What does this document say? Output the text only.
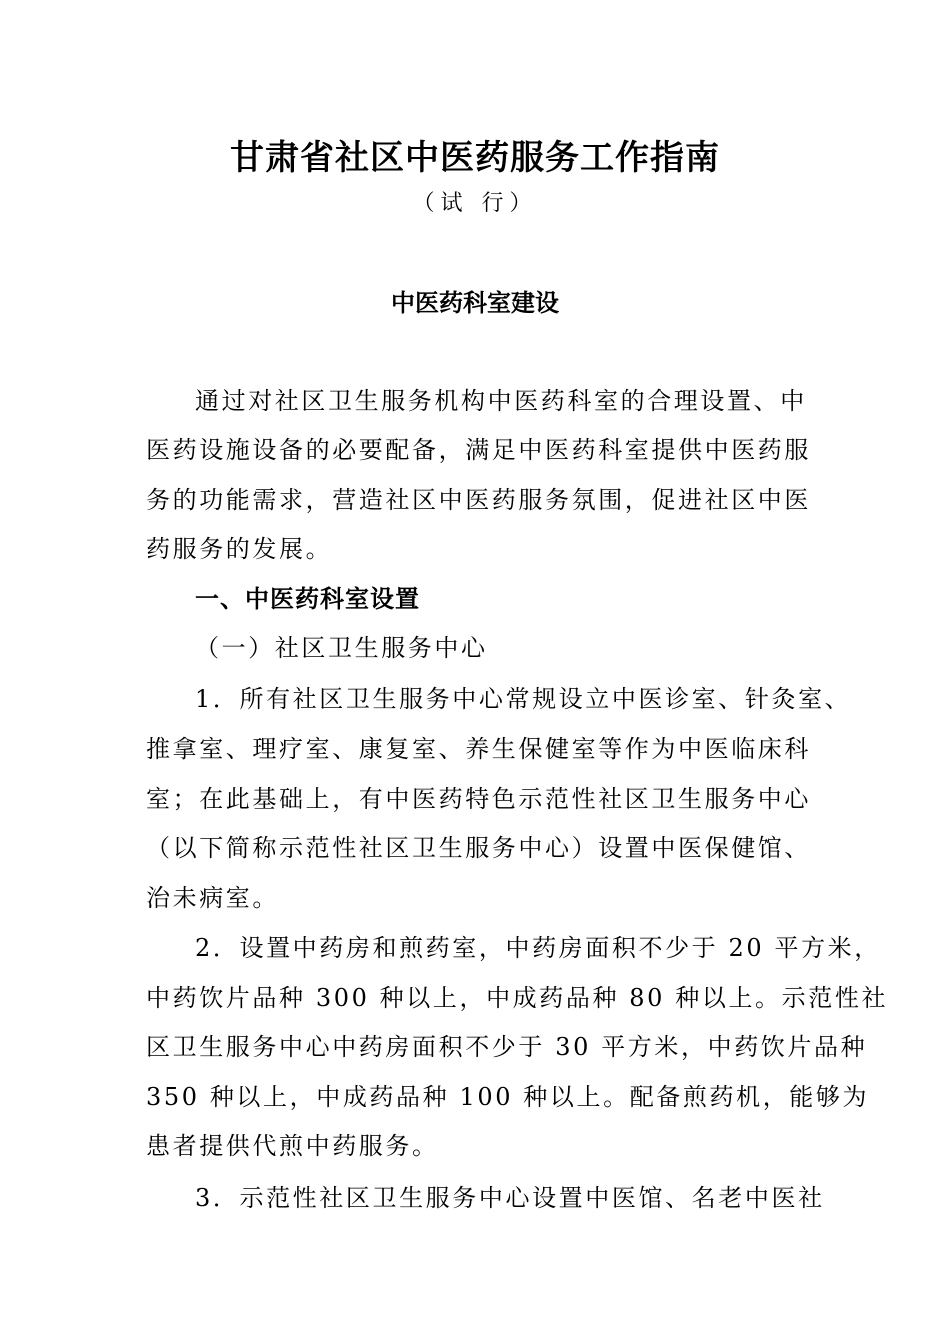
甘肃省社区中医药服务工作指南
（试 行）
中医药科室建设
通过对社区卫生服务机构中医药科室的合理设置、中
医药设施设备的必要配备，满足中医药科室提供中医药服
务的功能需求，营造社区中医药服务氛围，促进社区中医
药服务的发展。
一、中医药科室设置
（一）社区卫生服务中心
1．所有社区卫生服务中心常规设立中医诊室、针灸室、
推拿室、理疗室、康复室、养生保健室等作为中医临床科
室；在此基础上，有中医药特色示范性社区卫生服务中心
（以下简称示范性社区卫生服务中心）设置中医保健馆、
治未病室。
2．设置中药房和煎药室，中药房面积不少于 20 平方米，
中药饮片品种 300 种以上，中成药品种 80 种以上。示范性社
区卫生服务中心中药房面积不少于 30 平方米，中药饮片品种
350 种以上，中成药品种 100 种以上。配备煎药机，能够为
患者提供代煎中药服务。
3．示范性社区卫生服务中心设置中医馆、名老中医社
